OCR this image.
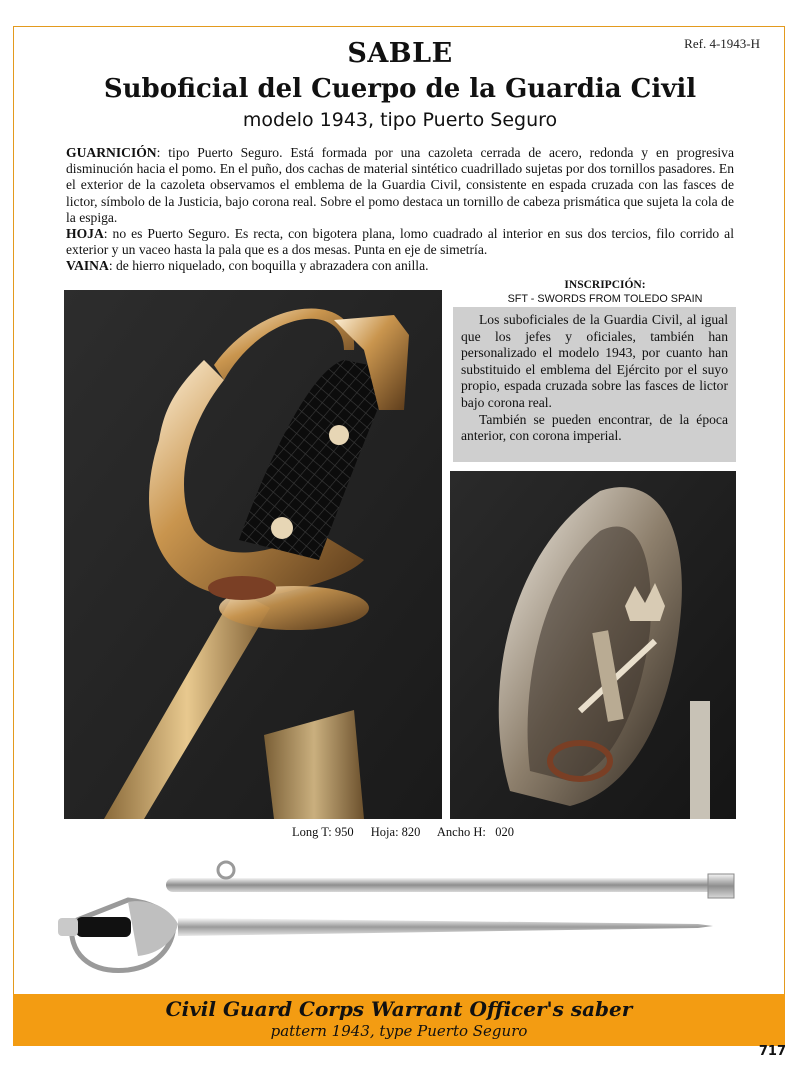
Ref. 4-1943-H
SABLE
Suboficial del Cuerpo de la Guardia Civil
modelo 1943, tipo Puerto Seguro

GUARNICIÓN: tipo Puerto Seguro. Está formada por una cazoleta cerrada de acero, redonda y en progresiva disminución hacia el pomo. En el puño, dos cachas de material sintético cuadrillado sujetas por dos tornillos pasadores. En el exterior de la cazoleta observamos el emblema de la Guardia Civil, consistente en espada cruzada con las fasces de lictor, símbolo de la Justicia, bajo corona real. Sobre el pomo destaca un tornillo de cabeza prismática que sujeta la cola de la espiga.

HOJA: no es Puerto Seguro. Es recta, con bigotera plana, lomo cuadrado al interior en sus dos tercios, filo corrido al exterior y un vaceo hasta la pala que es a dos mesas. Punta en eje de simetría.

VAINA: de hierro niquelado, con boquilla y abrazadera con anilla.

INSCRIPCIÓN:
SFT - SWORDS FROM TOLEDO SPAIN

Los suboficiales de la Guardia Civil, al igual que los jefes y oficiales, también han personalizado el modelo 1943, por cuanto han substituido el emblema del Ejército por el suyo propio, espada cruzada sobre las fasces de lictor bajo corona real.

También se pueden encontrar, de la época anterior, con corona imperial.

Long T: 950 Hoja: 820 Ancho H:   020
Civil Guard Corps Warrant Officer's saber
pattern 1943, type Puerto Seguro
717
